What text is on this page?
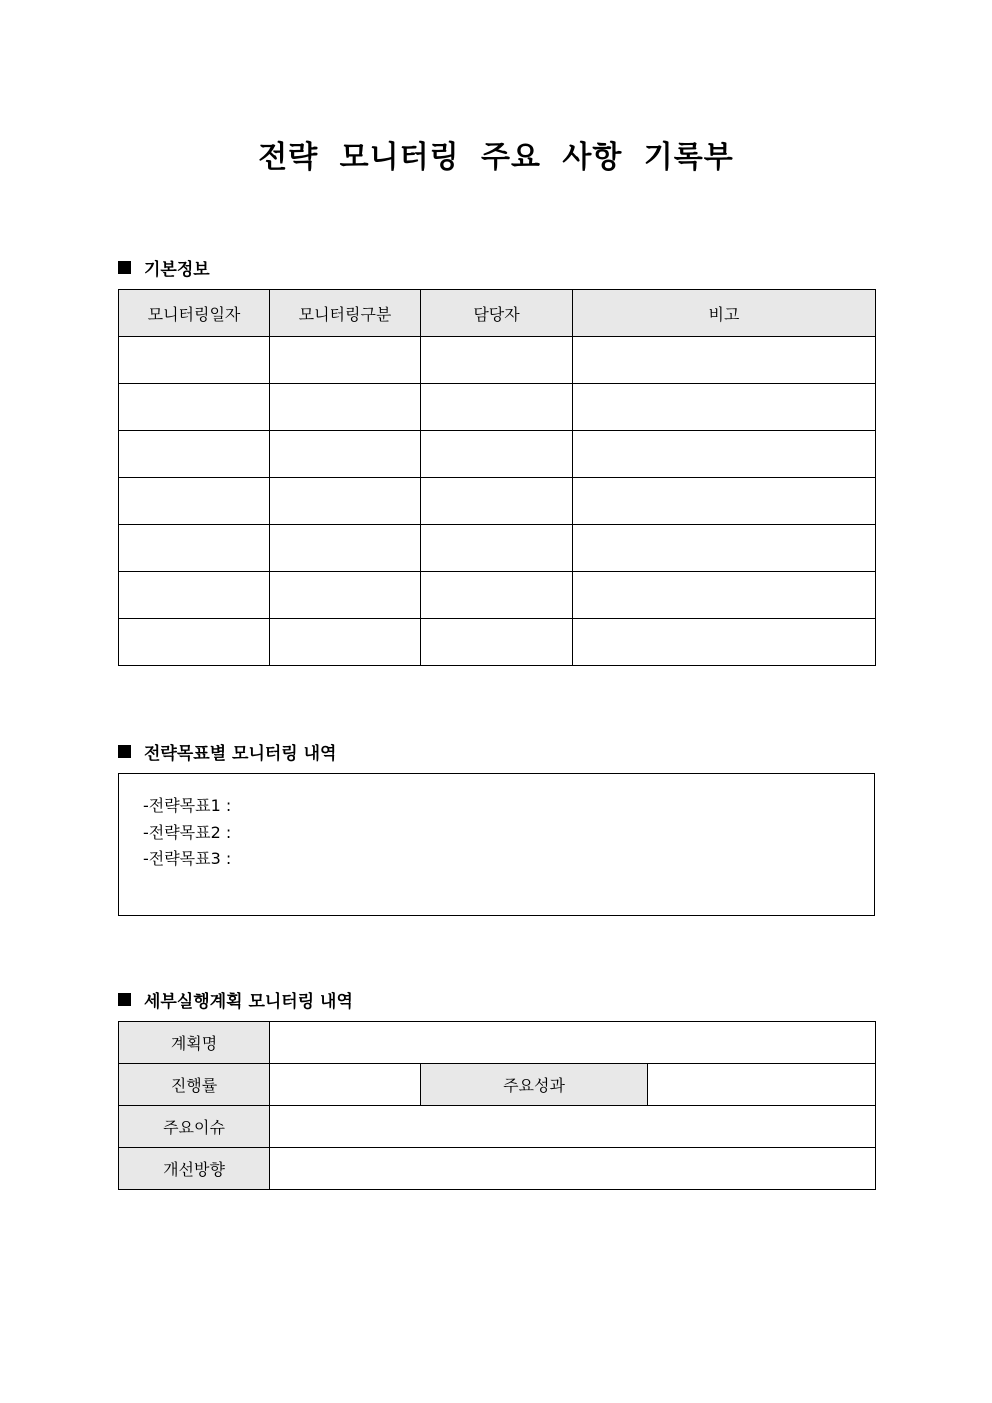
전략 모니터링 주요 사항 기록부
기본정보
모니터링일자	모니터링구분	담당자	비고

전략목표별 모니터링 내역
-전략목표1 :
-전략목표2 :
-전략목표3 :
세부실행계획 모니터링 내역
계획명			
진행률		주요성과	
주요이슈			
개선방향			
